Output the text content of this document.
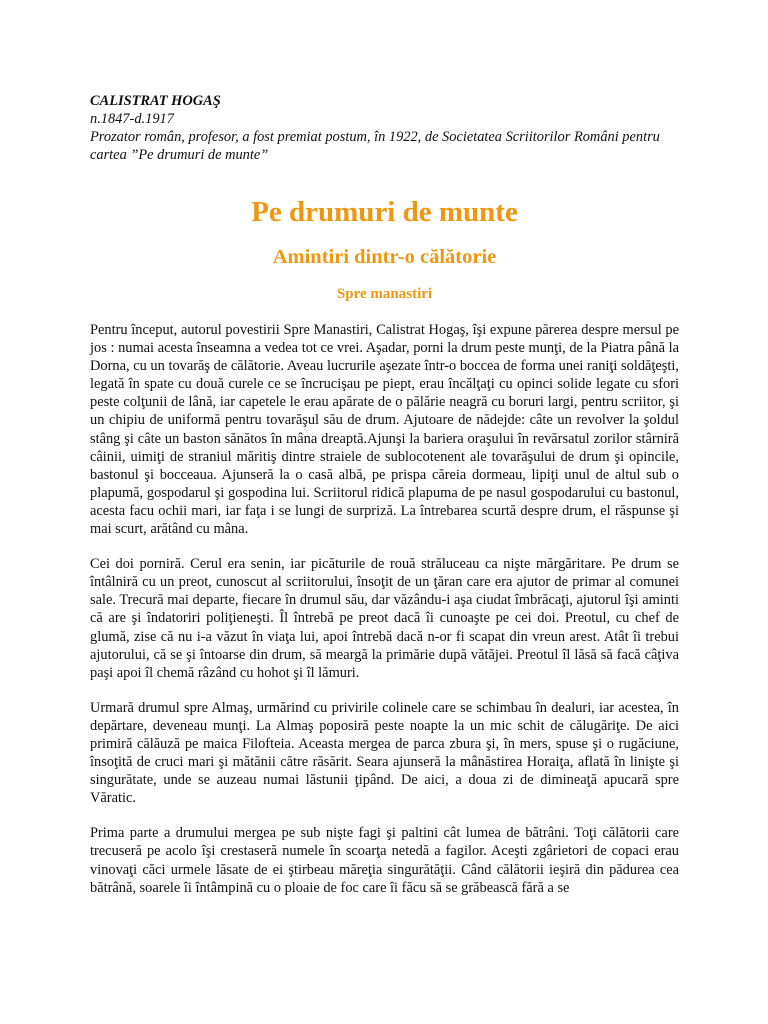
CALISTRAT HOGAŞ
n.1847-d.1917
Prozator român, profesor, a fost premiat postum, în 1922, de Societatea Scriitorilor Români pentru cartea ”Pe drumuri de munte”
Pe drumuri de munte
Amintiri dintr-o călătorie
Spre manastiri
Pentru început, autorul povestirii Spre Manastiri, Calistrat Hogaş, îşi expune părerea despre mersul pe jos : numai acesta înseamna a vedea tot ce vrei. Aşadar, porni la drum peste munţi, de la Piatra până la Dorna, cu un tovarăş de călătorie. Aveau lucrurile aşezate într-o boccea de forma unei raniţi soldăţeşti, legată în spate cu două curele ce se încrucişau pe piept, erau încălţaţi cu opinci solide legate cu sfori peste colţunii de lână, iar capetele le erau apărate de o pălărie neagră cu boruri largi, pentru scriitor, şi un chipiu de uniformă pentru tovarăşul său de drum. Ajutoare de nădejde: câte un revolver la şoldul stâng şi câte un baston sănătos în mâna dreaptă.Ajunşi la bariera oraşului în revărsatul zorilor stârniră câinii, uimiţi de straniul măritiş dintre straiele de sublocotenent ale tovarăşului de drum şi opincile, bastonul şi bocceaua. Ajunseră la o casă albă, pe prispa căreia dormeau, lipiţi unul de altul sub o plapumă, gospodarul şi gospodina lui. Scriitorul ridică plapuma de pe nasul gospodarului cu bastonul, acesta facu ochii mari, iar faţa i se lungi de surpriză. La întrebarea scurtă despre drum, el răspunse şi mai scurt, arătând cu mâna.
Cei doi porniră. Cerul era senin, iar picăturile de rouă străluceau ca nişte mărgăritare. Pe drum se întâlniră cu un preot, cunoscut al scriitorului, însoţit de un ţăran care era ajutor de primar al comunei sale. Trecură mai departe, fiecare în drumul său, dar văzându-i aşa ciudat îmbrăcaţi, ajutorul îşi aminti că are şi îndatoriri poliţieneşti. Îl întrebă pe preot dacă îi cunoaşte pe cei doi. Preotul, cu chef de glumă, zise că nu i-a văzut în viaţa lui, apoi întrebă dacă n-or fi scapat din vreun arest. Atât îi trebui ajutorului, că se şi întoarse din drum, să meargă la primărie după vătăjei. Preotul îl lăsă să facă câţiva paşi apoi îl chemă râzând cu hohot şi îl lămuri.
Urmară drumul spre Almaş, urmărind cu privirile colinele care se schimbau în dealuri, iar acestea, în depărtare, deveneau munţi. La Almaş poposiră peste noapte la un mic schit de călugăriţe. De aici primiră călăuză pe maica Filofteia. Aceasta mergea de parca zbura şi, în mers, spuse şi o rugăciune, însoţită de cruci mari şi mătănii către răsărit. Seara ajunseră la mânăstirea Horaiţa, aflată în linişte şi singurătate, unde se auzeau numai lăstunii ţipând. De aici, a doua zi de dimineaţă apucară spre Văratic.
Prima parte a drumului mergea pe sub nişte fagi şi paltini cât lumea de bătrâni. Toţi călătorii care trecuseră pe acolo îşi crestaseră numele în scoarţa netedă a fagilor. Aceşti zgârietori de copaci erau vinovaţi căci urmele lăsate de ei ştirbeau măreţia singurătăţii. Când călătorii ieşiră din pădurea cea bătrână, soarele îi întâmpină cu o ploaie de foc care îi făcu să se grăbească fără a se
